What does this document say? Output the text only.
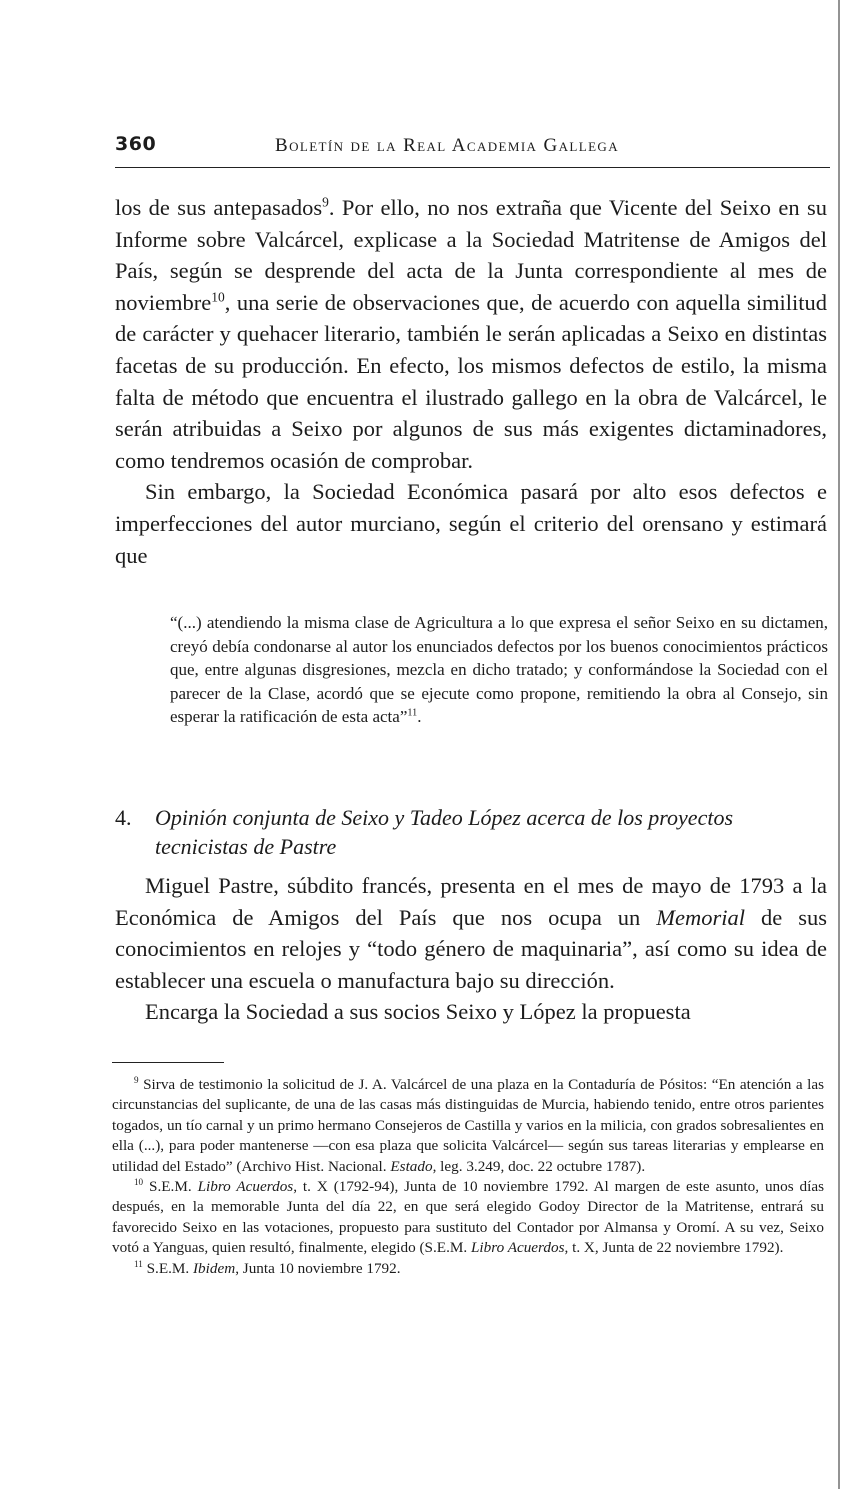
360	Boletín de la Real Academia Gallega

los de sus antepasados$^9$. Por ello, no nos extraña que Vicente del Seixo en su Informe sobre Valcárcel, explicase a la Sociedad Matritense de Amigos del País, según se desprende del acta de la Junta correspondiente al mes de noviembre$^{10}$, una serie de observaciones que, de acuerdo con aquella similitud de carácter y quehacer literario, también le serán aplicadas a Seixo en distintas facetas de su producción. En efecto, los mismos defectos de estilo, la misma falta de método que encuentra el ilustrado gallego en la obra de Valcárcel, le serán atribuidas a Seixo por algunos de sus más exigentes dictaminadores, como tendremos ocasión de comprobar.

Sin embargo, la Sociedad Económica pasará por alto esos defectos e imperfecciones del autor murciano, según el criterio del orensano y estimará que

“(...) atendiendo la misma clase de Agricultura a lo que expresa el señor Seixo en su dictamen, creyó debía condonarse al autor los enunciados defectos por los buenos conocimientos prácticos que, entre algunas disgresiones, mezcla en dicho tratado; y conformándose la Sociedad con el parecer de la Clase, acordó que se ejecute como propone, remitiendo la obra al Consejo, sin esperar la ratificación de esta acta”$^{11}$.

4. Opinión conjunta de Seixo y Tadeo López acerca de los proyectos tecnicistas de Pastre

Miguel Pastre, súbdito francés, presenta en el mes de mayo de 1793 a la Económica de Amigos del País que nos ocupa un Memorial de sus conocimientos en relojes y “todo género de maquinaria”, así como su idea de establecer una escuela o manufactura bajo su dirección.

Encarga la Sociedad a sus socios Seixo y López la propuesta

$^9$ Sirva de testimonio la solicitud de J. A. Valcárcel de una plaza en la Contaduría de Pósitos: “En atención a las circunstancias del suplicante, de una de las casas más distinguidas de Murcia, habiendo tenido, entre otros parientes togados, un tío carnal y un primo hermano Consejeros de Castilla y varios en la milicia, con grados sobresalientes en ella (...), para poder mantenerse —con esa plaza que solicita Valcárcel— según sus tareas literarias y emplearse en utilidad del Estado” (Archivo Hist. Nacional. Estado, leg. 3.249, doc. 22 octubre 1787).

$^{10}$ S.E.M. Libro Acuerdos, t. X (1792-94), Junta de 10 noviembre 1792. Al margen de este asunto, unos días después, en la memorable Junta del día 22, en que será elegido Godoy Director de la Matritense, entrará su favorecido Seixo en las votaciones, propuesto para sustituto del Contador por Almansa y Oromí. A su vez, Seixo votó a Yanguas, quien resultó, finalmente, elegido (S.E.M. Libro Acuerdos, t. X, Junta de 22 noviembre 1792).

$^{11}$ S.E.M. Ibidem, Junta 10 noviembre 1792.
